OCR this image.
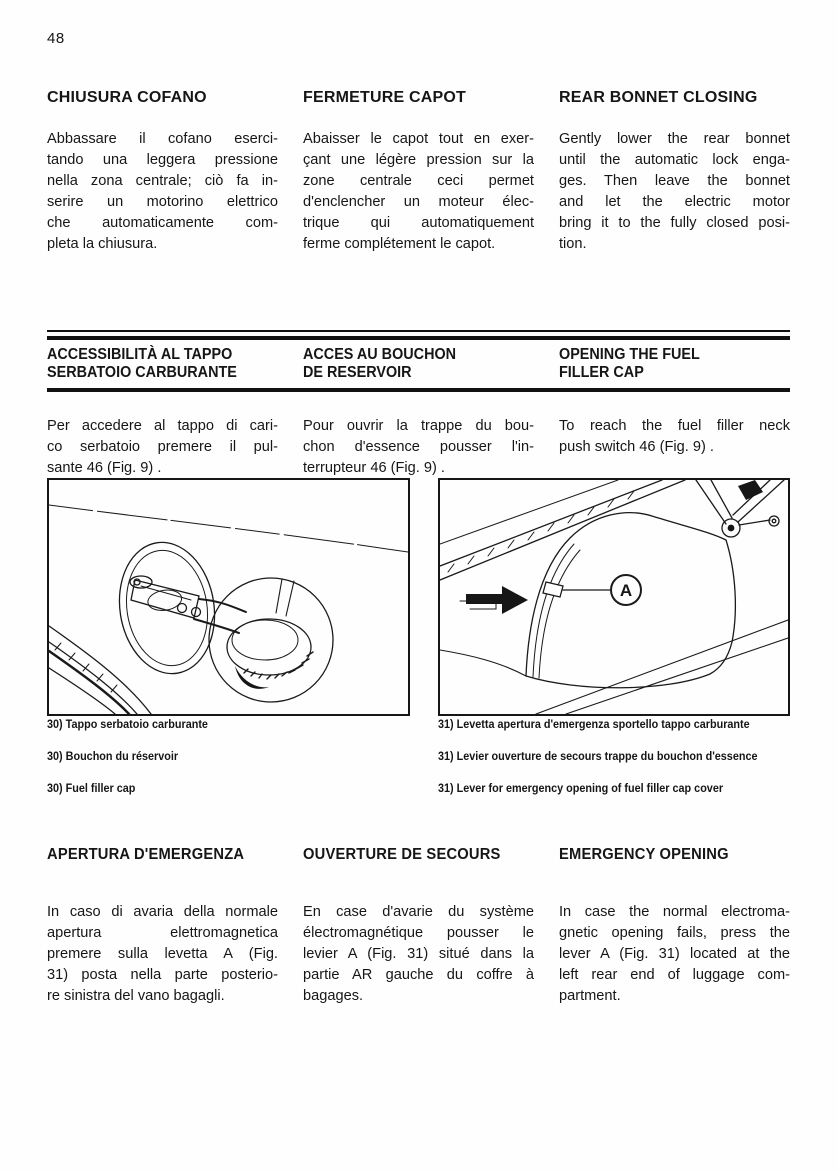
48
CHIUSURA COFANO
Abbassare il cofano eserci-
tando una leggera pressione
nella zona centrale; ciò fa in-
serire un motorino elettrico
che automaticamente com-
pleta la chiusura.
FERMETURE CAPOT
Abaisser le capot tout en exer-
çant une légère pression sur la
zone centrale ceci permet
d'enclencher un moteur élec-
trique qui automatiquement
ferme complétement le capot.
REAR BONNET CLOSING
Gently lower the rear bonnet
until the automatic lock enga-
ges. Then leave the bonnet
and let the electric motor
bring it to the fully closed posi-
tion.
ACCESSIBILITÀ AL TAPPO
SERBATOIO CARBURANTE
ACCES AU BOUCHON
DE RESERVOIR
OPENING THE FUEL
FILLER CAP
Per accedere al tappo di cari-
co serbatoio premere il pul-
sante 46 (Fig. 9) .
Pour ouvrir la trappe du bou-
chon d'essence pousser l'in-
terrupteur 46 (Fig. 9) .
To reach the fuel filler neck
push switch 46 (Fig. 9) .
A
30) Tappo serbatoio carburante
30) Bouchon du réservoir
30) Fuel filler cap
31) Levetta apertura d'emergenza sportello tappo carburante
31) Levier ouverture de secours trappe du bouchon d'essence
31) Lever for emergency opening of fuel filler cap cover
APERTURA D'EMERGENZA
In caso di avaria della normale
apertura elettromagnetica
premere sulla levetta A (Fig.
31) posta nella parte posterio-
re sinistra del vano bagagli.
OUVERTURE DE SECOURS
En case d'avarie du système
électromagnétique pousser le
levier A (Fig. 31) situé dans la
partie AR gauche du coffre à
bagages.
EMERGENCY OPENING
In case the normal electroma-
gnetic opening fails, press the
lever A (Fig. 31) located at the
left rear end of luggage com-
partment.
